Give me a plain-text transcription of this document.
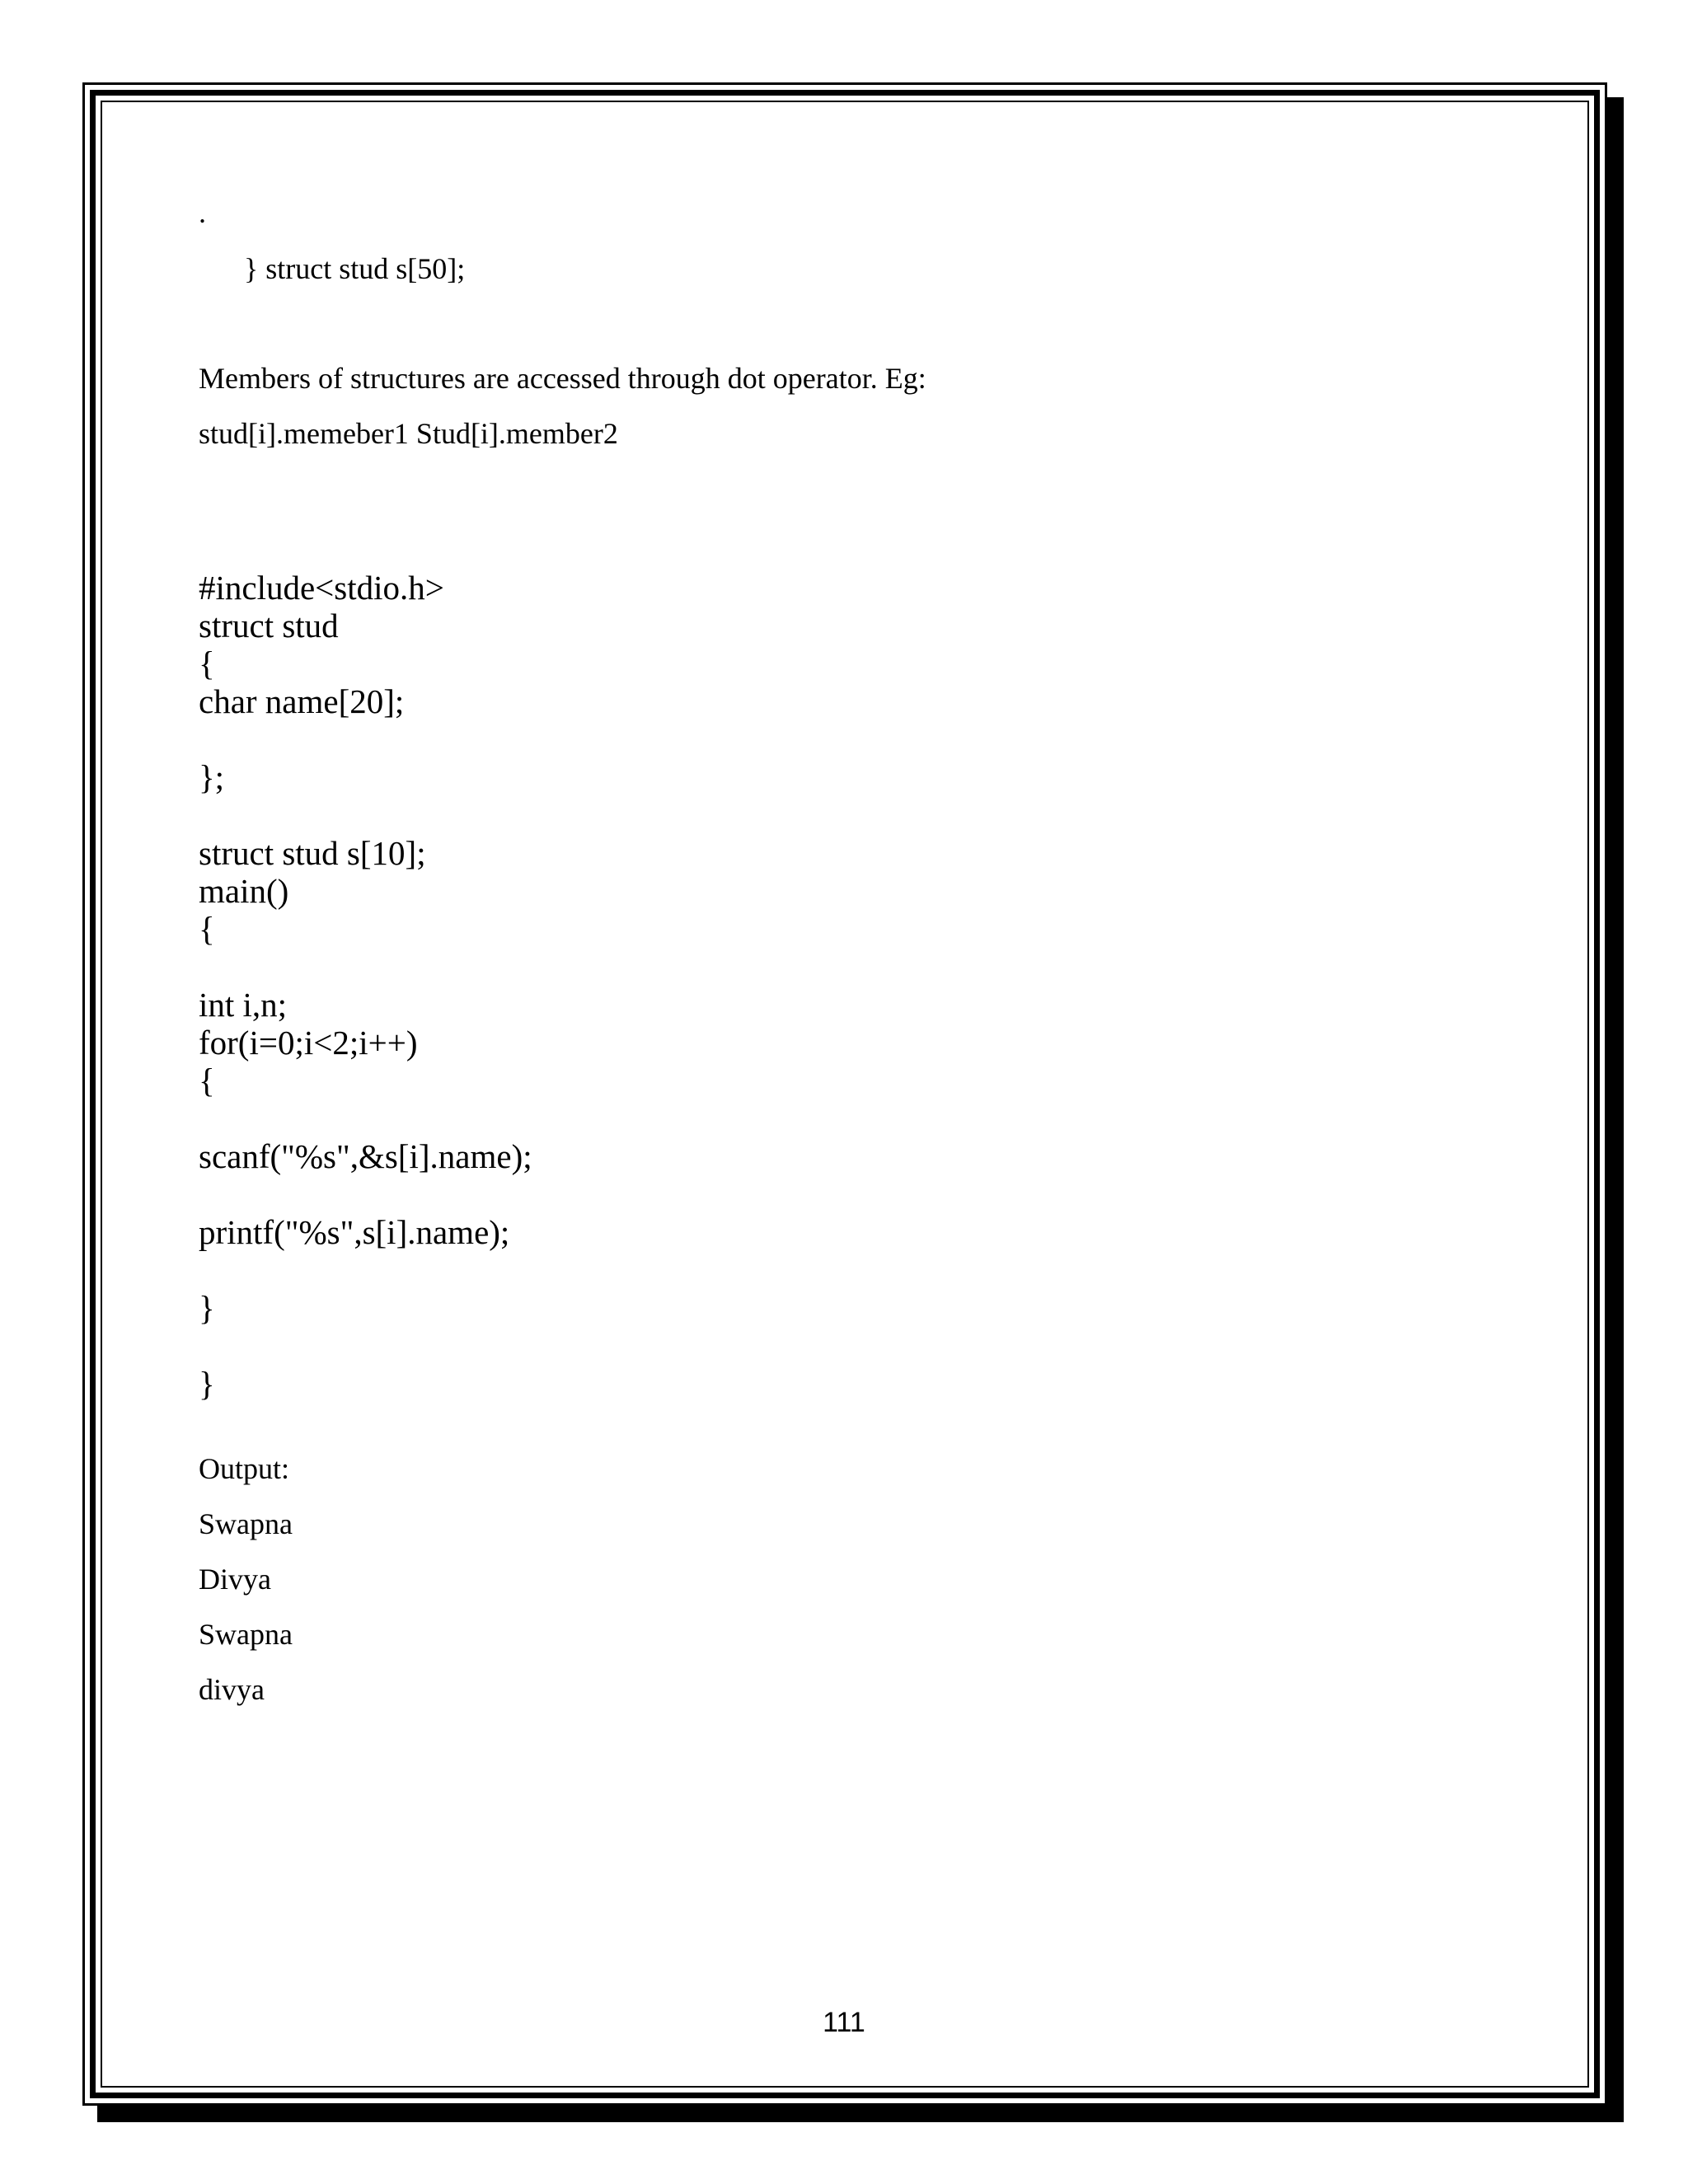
.
} struct stud s[50];
Members of structures are accessed through dot operator. Eg:
stud[i].memeber1 Stud[i].member2
#include<stdio.h>
struct stud
{
char name[20];
};
struct stud s[10];
main()
{
int i,n;
for(i=0;i<2;i++)
{
scanf("%s",&s[i].name);
printf("%s",s[i].name);
}
}
Output:
Swapna
Divya
Swapna
divya
111
